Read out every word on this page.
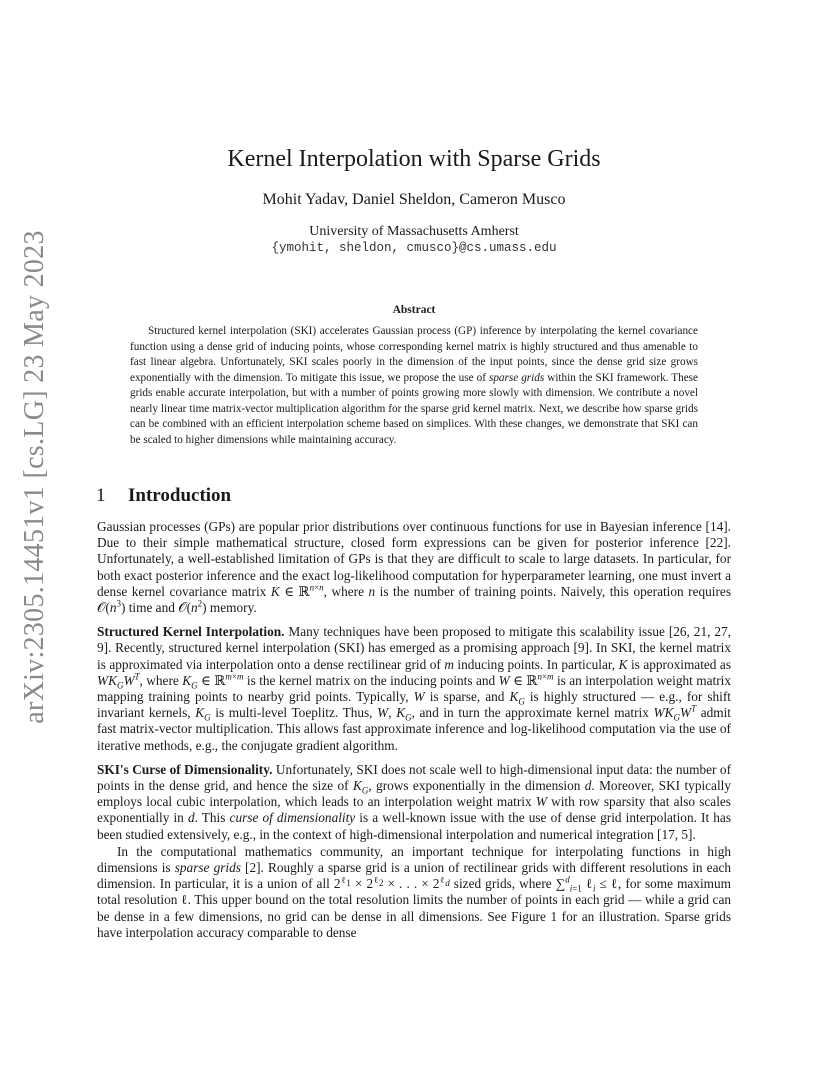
arXiv:2305.14451v1 [cs.LG] 23 May 2023
Kernel Interpolation with Sparse Grids
Mohit Yadav, Daniel Sheldon, Cameron Musco
University of Massachusetts Amherst
{ymohit, sheldon, cmusco}@cs.umass.edu
Abstract
Structured kernel interpolation (SKI) accelerates Gaussian process (GP) inference by interpolating the kernel covariance function using a dense grid of inducing points, whose corresponding kernel matrix is highly structured and thus amenable to fast linear algebra. Unfortunately, SKI scales poorly in the dimension of the input points, since the dense grid size grows exponentially with the dimension. To mitigate this issue, we propose the use of sparse grids within the SKI framework. These grids enable accurate interpolation, but with a number of points growing more slowly with dimension. We contribute a novel nearly linear time matrix-vector multiplication algorithm for the sparse grid kernel matrix. Next, we describe how sparse grids can be combined with an efficient interpolation scheme based on simplices. With these changes, we demonstrate that SKI can be scaled to higher dimensions while maintaining accuracy.
1 Introduction

Gaussian processes (GPs) are popular prior distributions over continuous functions for use in Bayesian inference [14]. Due to their simple mathematical structure, closed form expressions can be given for posterior inference [22]. Unfortunately, a well-established limitation of GPs is that they are difficult to scale to large datasets. In particular, for both exact posterior inference and the exact log-likelihood computation for hyperparameter learning, one must invert a dense kernel covariance matrix K ∈ ℝ$^{n\times n}$, where n is the number of training points. Naively, this operation requires $𝒪(n^3)$ time and $𝒪(n^2)$ memory.

Structured Kernel Interpolation. Many techniques have been proposed to mitigate this scalability issue [26, 21, 27, 9]. Recently, structured kernel interpolation (SKI) has emerged as a promising approach [9]. In SKI, the kernel matrix is approximated via interpolation onto a dense rectilinear grid of m inducing points. In particular, K is approximated as $WK_GW^T$, where $K_G$ ∈ ℝ$^{m\times m}$ is the kernel matrix on the inducing points and W ∈ ℝ$^{n\times m}$ is an interpolation weight matrix mapping training points to nearby grid points. Typically, W is sparse, and $K_G$ is highly structured — e.g., for shift invariant kernels, $K_G$ is multi-level Toeplitz. Thus, W, $K_G$, and in turn the approximate kernel matrix $WK_GW^T$ admit fast matrix-vector multiplication. This allows fast approximate inference and log-likelihood computation via the use of iterative methods, e.g., the conjugate gradient algorithm.

SKI's Curse of Dimensionality. Unfortunately, SKI does not scale well to high-dimensional input data: the number of points in the dense grid, and hence the size of $K_G$, grows exponentially in the dimension d. Moreover, SKI typically employs local cubic interpolation, which leads to an interpolation weight matrix W with row sparsity that also scales exponentially in d. This curse of dimensionality is a well-known issue with the use of dense grid interpolation. It has been studied extensively, e.g., in the context of high-dimensional interpolation and numerical integration [17, 5].

In the computational mathematics community, an important technique for interpolating functions in high dimensions is sparse grids [2]. Roughly a sparse grid is a union of rectilinear grids with different resolutions in each dimension. In particular, it is a union of all $2^{\ell_1} \times 2^{\ell_2}$ × . . . × $2^{\ell_d}$ sized grids, where ∑$^d_{i=1}$ ℓ$_i$ ≤ ℓ, for some maximum total resolution ℓ. This upper bound on the total resolution limits the number of points in each grid — while a grid can be dense in a few dimensions, no grid can be dense in all dimensions. See Figure 1 for an illustration. Sparse grids have interpolation accuracy comparable to dense
